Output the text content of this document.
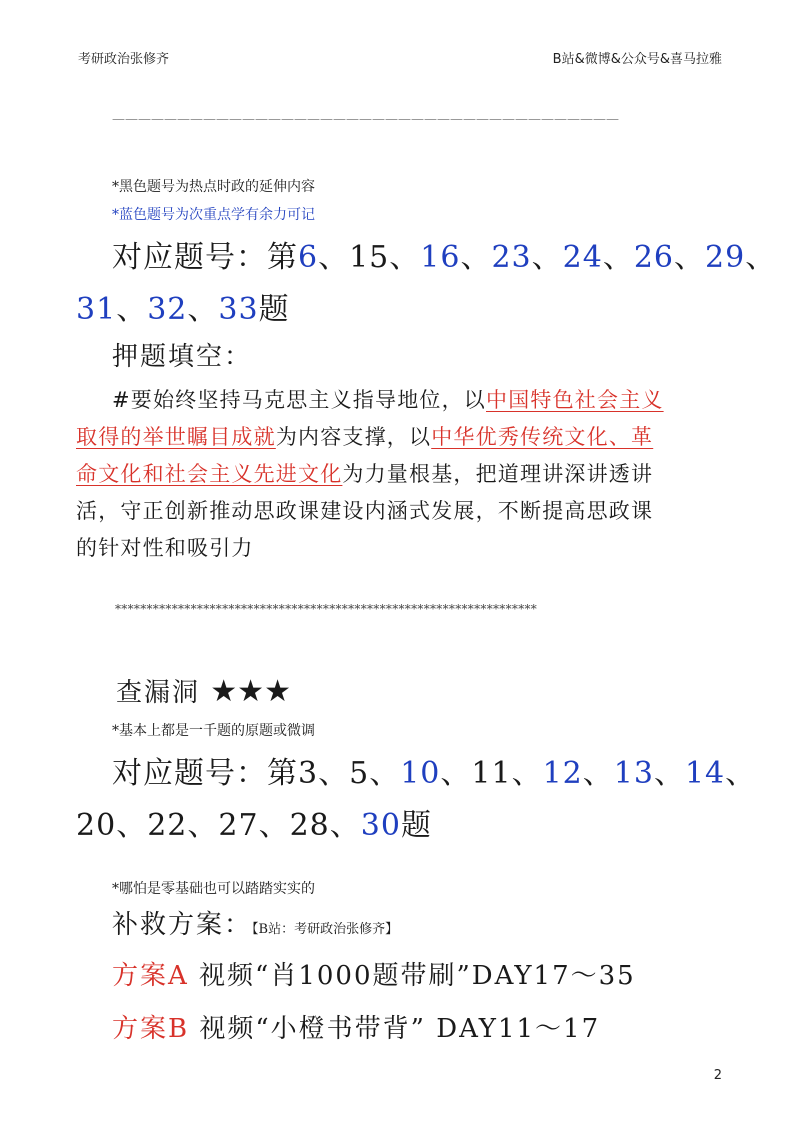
考研政治张修齐	B站&微博&公众号&喜马拉雅
———————————————————————————————————————
*黑色题号为热点时政的延伸内容
*蓝色题号为次重点学有余力可记
对应题号：第6、15、16、23、24、26、29、
31、32、33题
押题填空：
#要始终坚持马克思主义指导地位，以中国特色社会主义
取得的举世瞩目成就为内容支撑，以中华优秀传统文化、革
命文化和社会主义先进文化为力量根基，把道理讲深讲透讲
活，守正创新推动思政课建设内涵式发展，不断提高思政课
的针对性和吸引力
*******************************************************************
查漏洞 ★★★
*基本上都是一千题的原题或微调
对应题号：第3、5、10、11、12、13、14、
20、22、27、28、30题
*哪怕是零基础也可以踏踏实实的
补救方案：【B站：考研政治张修齐】
方案A 视频“肖1000题带刷”DAY17～35
方案B 视频“小橙书带背” DAY11～17
2
